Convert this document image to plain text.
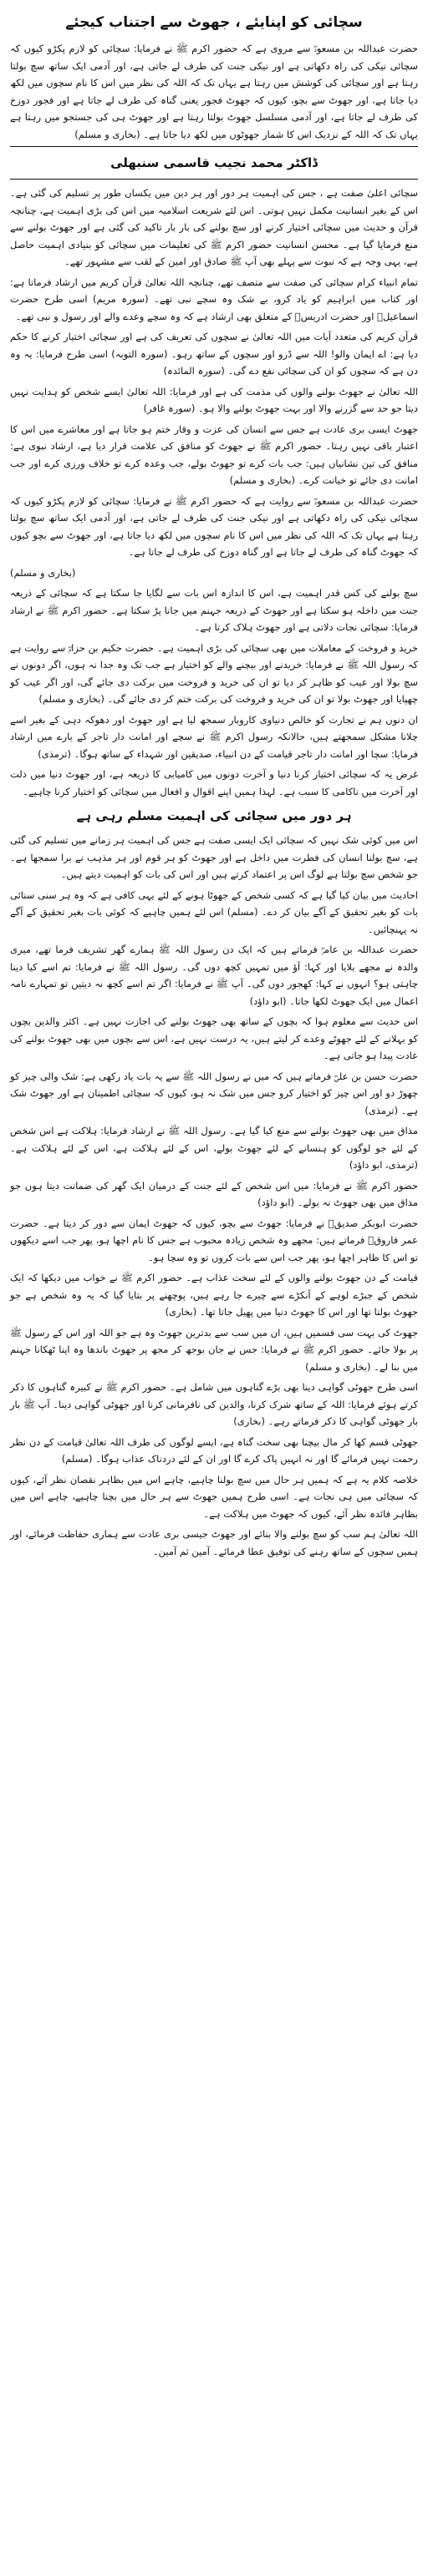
سچائی کو اپنایئے ، جھوٹ سے اجتناب کیجئے

حضرت عبداللہ بن مسعودؓ سے مروی ہے کہ حضور اکرم ﷺ نے فرمایا: سچائی کو لازم پکڑو کیوں کہ سچائی نیکی کی راہ دکھاتی ہے اور نیکی جنت کی طرف لے جاتی ہے، اور آدمی ایک ساتھ سچ بولتا رہتا ہے اور سچائی کی کوشش میں رہتا ہے یہاں تک کہ اللہ کی نظر میں اس کا نام سچوں میں لکھ دیا جاتا ہے، اور جھوٹ سے بچو، کیوں کہ جھوٹ فجور یعنی گناہ کی طرف لے جاتا ہے اور فجور دوزخ کی طرف لے جاتا ہے، اور آدمی مسلسل جھوٹ بولتا رہتا ہے اور جھوٹ ہی کی جستجو میں رہتا ہے یہاں تک کہ اللہ کے نزدیک اس کا شمار جھوٹوں میں لکھ دیا جاتا ہے۔ (بخاری و مسلم)

ڈاکٹر محمد نجیب قاسمی سنبھلی

سچائی اعلیٰ صفت ہے ، جس کی اہمیت ہر دور اور ہر دین میں یکساں طور پر تسلیم کی گئی ہے۔ اس کے بغیر انسانیت مکمل نہیں ہوتی۔ اس لئے شریعت اسلامیہ میں اس کی بڑی اہمیت ہے، چنانچہ قرآن و حدیث میں سچائی اختیار کرنے اور سچ بولنے کی بار بار تاکید کی گئی ہے اور جھوٹ بولنے سے منع فرمایا گیا ہے۔ محسن انسانیت حضور اکرم ﷺ کی تعلیمات میں سچائی کو بنیادی اہمیت حاصل ہے، یہی وجہ ہے کہ نبوت سے پہلے بھی آپ ﷺ صادق اور امین کے لقب سے مشہور تھے۔

تمام انبیاء کرام سچائی کی صفت سے متصف تھے، چنانچہ اللہ تعالیٰ قرآن کریم میں ارشاد فرماتا ہے: اور کتاب میں ابراہیم کو یاد کرو، بے شک وہ سچے نبی تھے۔ (سورہ مریم) اسی طرح حضرت اسماعیلؑ اور حضرت ادریسؑ کے متعلق بھی ارشاد ہے کہ وہ سچے وعدے والے اور رسول و نبی تھے۔

قرآن کریم کی متعدد آیات میں اللہ تعالیٰ نے سچوں کی تعریف کی ہے اور سچائی اختیار کرنے کا حکم دیا ہے: اے ایمان والو! اللہ سے ڈرو اور سچوں کے ساتھ رہو۔ (سورہ التوبہ) اسی طرح فرمایا: یہ وہ دن ہے کہ سچوں کو ان کی سچائی نفع دے گی۔ (سورہ المائدہ)

اللہ تعالیٰ نے جھوٹ بولنے والوں کی مذمت کی ہے اور فرمایا: اللہ تعالیٰ ایسے شخص کو ہدایت نہیں دیتا جو حد سے گزرنے والا اور بہت جھوٹ بولنے والا ہو۔ (سورہ غافر)

جھوٹ ایسی بری عادت ہے جس سے انسان کی عزت و وقار ختم ہو جاتا ہے اور معاشرے میں اس کا اعتبار باقی نہیں رہتا۔ حضور اکرم ﷺ نے جھوٹ کو منافق کی علامت قرار دیا ہے، ارشاد نبوی ہے: منافق کی تین نشانیاں ہیں: جب بات کرے تو جھوٹ بولے، جب وعدہ کرے تو خلاف ورزی کرے اور جب امانت دی جائے تو خیانت کرے۔ (بخاری و مسلم)

حضرت عبداللہ بن مسعودؓ سے روایت ہے کہ حضور اکرم ﷺ نے فرمایا: سچائی کو لازم پکڑو کیوں کہ سچائی نیکی کی راہ دکھاتی ہے اور نیکی جنت کی طرف لے جاتی ہے، اور آدمی ایک ساتھ سچ بولتا رہتا ہے یہاں تک کہ اللہ کی نظر میں اس کا نام سچوں میں لکھ دیا جاتا ہے، اور جھوٹ سے بچو کیوں کہ جھوٹ گناہ کی طرف لے جاتا ہے اور گناہ دوزخ کی طرف لے جاتا ہے۔

(بخاری و مسلم)

سچ بولنے کی کس قدر اہمیت ہے، اس کا اندازہ اس بات سے لگایا جا سکتا ہے کہ سچائی کے ذریعہ جنت میں داخلہ ہو سکتا ہے اور جھوٹ کے ذریعہ جہنم میں جانا پڑ سکتا ہے۔ حضور اکرم ﷺ نے ارشاد فرمایا: سچائی نجات دلاتی ہے اور جھوٹ ہلاک کرتا ہے۔

خرید و فروخت کے معاملات میں بھی سچائی کی بڑی اہمیت ہے۔ حضرت حکیم بن حزامؓ سے روایت ہے کہ رسول اللہ ﷺ نے فرمایا: خریدنے اور بیچنے والے کو اختیار ہے جب تک وہ جدا نہ ہوں، اگر دونوں نے سچ بولا اور عیب کو ظاہر کر دیا تو ان کی خرید و فروخت میں برکت دی جائے گی، اور اگر عیب کو چھپایا اور جھوٹ بولا تو ان کی خرید و فروخت کی برکت ختم کر دی جائے گی۔ (بخاری و مسلم)

ان دنوں ہم نے تجارت کو خالص دنیاوی کاروبار سمجھ لیا ہے اور جھوٹ اور دھوکہ دہی کے بغیر اسے چلانا مشکل سمجھتے ہیں، حالانکہ رسول اکرم ﷺ نے سچے اور امانت دار تاجر کے بارے میں ارشاد فرمایا: سچا اور امانت دار تاجر قیامت کے دن انبیاء، صدیقین اور شہداء کے ساتھ ہوگا۔ (ترمذی)

غرض یہ کہ سچائی اختیار کرنا دنیا و آخرت دونوں میں کامیابی کا ذریعہ ہے، اور جھوٹ دنیا میں ذلت اور آخرت میں ناکامی کا سبب ہے۔ لہذا ہمیں اپنے اقوال و افعال میں سچائی کو اختیار کرنا چاہیے۔

ہر دور میں سچائی کی اہمیت مسلم رہی ہے

اس میں کوئی شک نہیں کہ سچائی ایک ایسی صفت ہے جس کی اہمیت ہر زمانے میں تسلیم کی گئی ہے، سچ بولنا انسان کی فطرت میں داخل ہے اور جھوٹ کو ہر قوم اور ہر مذہب نے برا سمجھا ہے۔ جو شخص سچ بولتا ہے لوگ اس پر اعتماد کرتے ہیں اور اس کی بات کو اہمیت دیتے ہیں۔

احادیث میں بیان کیا گیا ہے کہ کسی شخص کے جھوٹا ہونے کے لئے یہی کافی ہے کہ وہ ہر سنی سنائی بات کو بغیر تحقیق کے آگے بیان کر دے۔ (مسلم) اس لئے ہمیں چاہیے کہ کوئی بات بغیر تحقیق کے آگے نہ پہنچائیں۔

حضرت عبداللہ بن عامرؓ فرماتے ہیں کہ ایک دن رسول اللہ ﷺ ہمارے گھر تشریف فرما تھے، میری والدہ نے مجھے بلایا اور کہا: آؤ میں تمہیں کچھ دوں گی۔ رسول اللہ ﷺ نے فرمایا: تم اسے کیا دینا چاہتی ہو؟ انہوں نے کہا: کھجور دوں گی۔ آپ ﷺ نے فرمایا: اگر تم اسے کچھ نہ دیتیں تو تمہارے نامہ اعمال میں ایک جھوٹ لکھا جاتا۔ (ابو داؤد)

اس حدیث سے معلوم ہوا کہ بچوں کے ساتھ بھی جھوٹ بولنے کی اجازت نہیں ہے۔ اکثر والدین بچوں کو بہلانے کے لئے جھوٹے وعدے کر لیتے ہیں، یہ درست نہیں ہے، اس سے بچوں میں بھی جھوٹ بولنے کی عادت پیدا ہو جاتی ہے۔

حضرت حسن بن علیؓ فرماتے ہیں کہ میں نے رسول اللہ ﷺ سے یہ بات یاد رکھی ہے: شک والی چیز کو چھوڑ دو اور اس چیز کو اختیار کرو جس میں شک نہ ہو، کیوں کہ سچائی اطمینان ہے اور جھوٹ شک ہے۔ (ترمذی)

مذاق میں بھی جھوٹ بولنے سے منع کیا گیا ہے۔ رسول اللہ ﷺ نے ارشاد فرمایا: ہلاکت ہے اس شخص کے لئے جو لوگوں کو ہنسانے کے لئے جھوٹ بولے، اس کے لئے ہلاکت ہے، اس کے لئے ہلاکت ہے۔ (ترمذی، ابو داؤد)

حضور اکرم ﷺ نے فرمایا: میں اس شخص کے لئے جنت کے درمیان ایک گھر کی ضمانت دیتا ہوں جو مذاق میں بھی جھوٹ نہ بولے۔ (ابو داؤد)

حضرت ابوبکر صدیقؓ نے فرمایا: جھوٹ سے بچو، کیوں کہ جھوٹ ایمان سے دور کر دیتا ہے۔ حضرت عمر فاروقؓ فرماتے ہیں: مجھے وہ شخص زیادہ محبوب ہے جس کا نام اچھا ہو، پھر جب اسے دیکھوں تو اس کا ظاہر اچھا ہو، پھر جب اس سے بات کروں تو وہ سچا ہو۔

قیامت کے دن جھوٹ بولنے والوں کے لئے سخت عذاب ہے۔ حضور اکرم ﷺ نے خواب میں دیکھا کہ ایک شخص کے جبڑے لوہے کے آنکڑے سے چیرے جا رہے ہیں، پوچھنے پر بتایا گیا کہ یہ وہ شخص ہے جو جھوٹ بولتا تھا اور اس کا جھوٹ دنیا میں پھیل جاتا تھا۔ (بخاری)

جھوٹ کی بہت سی قسمیں ہیں، ان میں سب سے بدترین جھوٹ وہ ہے جو اللہ اور اس کے رسول ﷺ پر بولا جائے۔ حضور اکرم ﷺ نے فرمایا: جس نے جان بوجھ کر مجھ پر جھوٹ باندھا وہ اپنا ٹھکانا جہنم میں بنا لے۔ (بخاری و مسلم)

اسی طرح جھوٹی گواہی دینا بھی بڑے گناہوں میں شامل ہے۔ حضور اکرم ﷺ نے کبیرہ گناہوں کا ذکر کرتے ہوئے فرمایا: اللہ کے ساتھ شرک کرنا، والدین کی نافرمانی کرنا اور جھوٹی گواہی دینا۔ آپ ﷺ بار بار جھوٹی گواہی کا ذکر فرماتے رہے۔ (بخاری)

جھوٹی قسم کھا کر مال بیچنا بھی سخت گناہ ہے، ایسے لوگوں کی طرف اللہ تعالیٰ قیامت کے دن نظر رحمت نہیں فرمائے گا اور نہ انہیں پاک کرے گا اور ان کے لئے دردناک عذاب ہوگا۔ (مسلم)

خلاصہ کلام یہ ہے کہ ہمیں ہر حال میں سچ بولنا چاہیے، چاہے اس میں بظاہر نقصان نظر آئے، کیوں کہ سچائی میں ہی نجات ہے۔ اسی طرح ہمیں جھوٹ سے ہر حال میں بچنا چاہیے، چاہے اس میں بظاہر فائدہ نظر آئے، کیوں کہ جھوٹ میں ہلاکت ہے۔

اللہ تعالیٰ ہم سب کو سچ بولنے والا بنائے اور جھوٹ جیسی بری عادت سے ہماری حفاظت فرمائے، اور ہمیں سچوں کے ساتھ رہنے کی توفیق عطا فرمائے۔ آمین ثم آمین۔
